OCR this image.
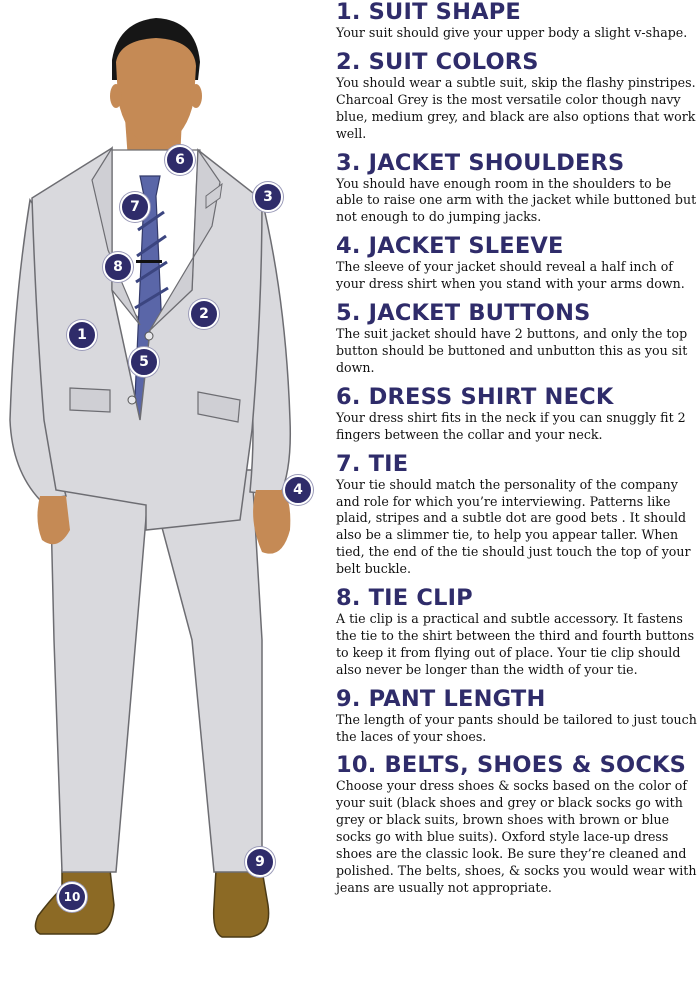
1
2
3
4
5
6
7
8
9
10
1. SUIT SHAPE

Your suit should give your upper body a slight v-shape.

2. SUIT COLORS

You should wear a subtle suit, skip the flashy pinstripes. Charcoal Grey is the most versatile color though navy blue, medium grey, and black are also options that work well.

3. JACKET SHOULDERS

You should have enough room in the shoulders to be able to raise one arm with the jacket while buttoned but not enough to do jumping jacks.

4. JACKET SLEEVE

The sleeve of your jacket should reveal a half inch of your dress shirt when you stand with your arms down.

5. JACKET BUTTONS

The suit jacket should have 2 buttons, and only the top button should be buttoned and unbutton this as you sit down.

6. DRESS SHIRT NECK

Your dress shirt fits in the neck if you can snuggly fit 2 fingers between the collar and your neck.

7. TIE

Your tie should match the personality of the company and role for which you’re interviewing. Patterns like plaid, stripes and a subtle dot are good bets . It should also be a slimmer tie, to help you appear taller. When tied, the end of the tie should just touch the top of your belt buckle.

8. TIE CLIP

A tie clip is a practical and subtle accessory. It fastens the tie to the shirt between the third and fourth buttons to keep it from flying out of place. Your tie clip should also never be longer than the width of your tie.

9. PANT LENGTH

The length of your pants should be tailored to just touch the laces of your shoes.

10. BELTS, SHOES & SOCKS

Choose your dress shoes & socks based on the color of your suit (black shoes and grey or black socks go with grey or black suits, brown shoes with brown or blue socks go with blue suits). Oxford style lace-up dress shoes are the classic look. Be sure they’re cleaned and polished. The belts, shoes, & socks you would wear with jeans are usually not appropriate.
